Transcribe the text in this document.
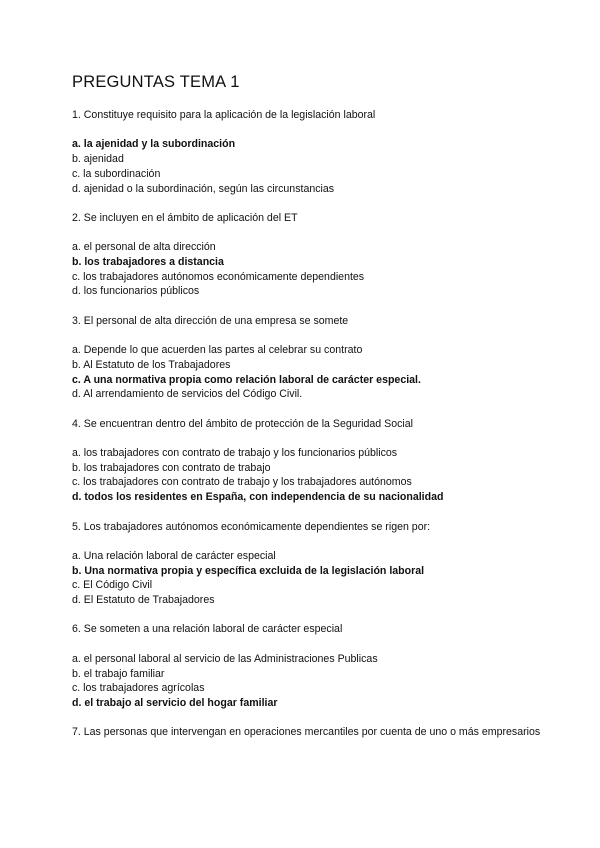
PREGUNTAS TEMA 1

1. Constituye requisito para la aplicación de la legislación laboral

a. la ajenidad y la subordinación
b. ajenidad
c. la subordinación
d. ajenidad o la subordinación, según las circunstancias

2. Se incluyen en el ámbito de aplicación del ET

a. el personal de alta dirección
b. los trabajadores a distancia
c. los trabajadores autónomos económicamente dependientes
d. los funcionarios públicos

3. El personal de alta dirección de una empresa se somete

a. Depende lo que acuerden las partes al celebrar su contrato
b. Al Estatuto de los Trabajadores
c. A una normativa propia como relación laboral de carácter especial.
d. Al arrendamiento de servicios del Código Civil.

4. Se encuentran dentro del ámbito de protección de la Seguridad Social

a. los trabajadores con contrato de trabajo y los funcionarios públicos
b. los trabajadores con contrato de trabajo
c. los trabajadores con contrato de trabajo y los trabajadores autónomos
d. todos los residentes en España, con independencia de su nacionalidad

5. Los trabajadores autónomos económicamente dependientes se rigen por:

a. Una relación laboral de carácter especial
b. Una normativa propia y específica excluida de la legislación laboral
c. El Código Civil
d. El Estatuto de Trabajadores

6. Se someten a una relación laboral de carácter especial

a. el personal laboral al servicio de las Administraciones Publicas
b. el trabajo familiar
c. los trabajadores agrícolas
d. el trabajo al servicio del hogar familiar

7. Las personas que intervengan en operaciones mercantiles por cuenta de uno o más empresarios
